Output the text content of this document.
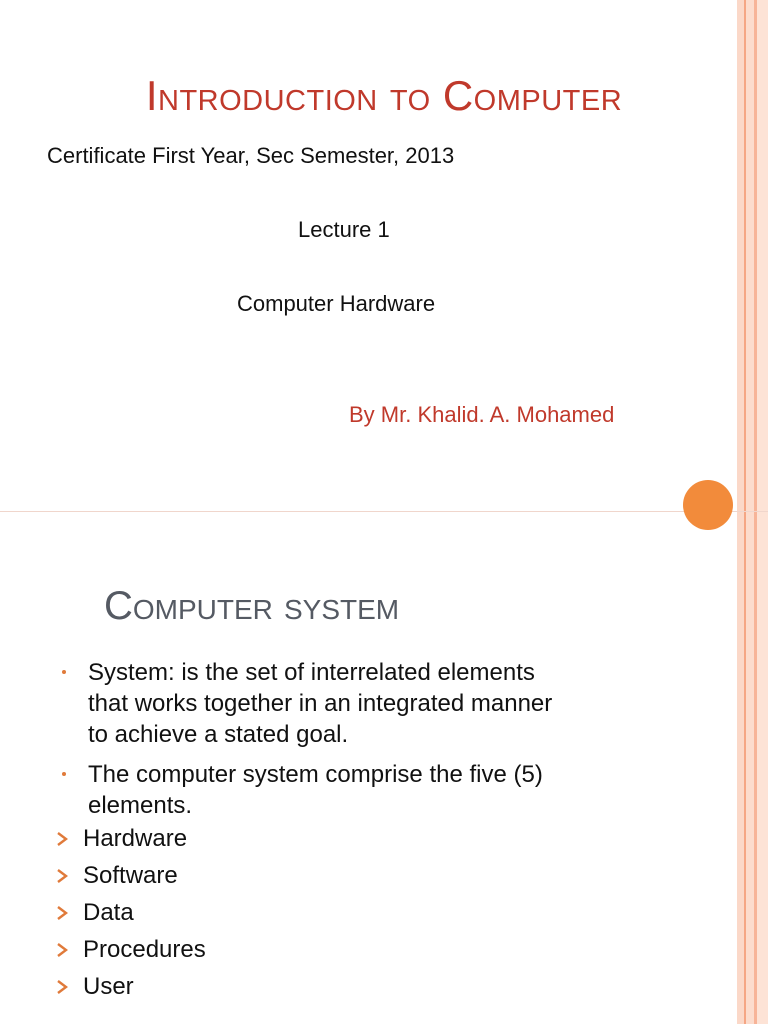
Introduction to Computer

Certificate First Year, Sec Semester, 2013

Lecture 1

Computer Hardware

By Mr. Khalid. A. Mohamed

Computer system
System: is the set of interrelated elements
that works together in an integrated manner
to achieve a stated goal.
The computer system comprise the five (5)
elements.
Hardware
Software
Data
Procedures
User
